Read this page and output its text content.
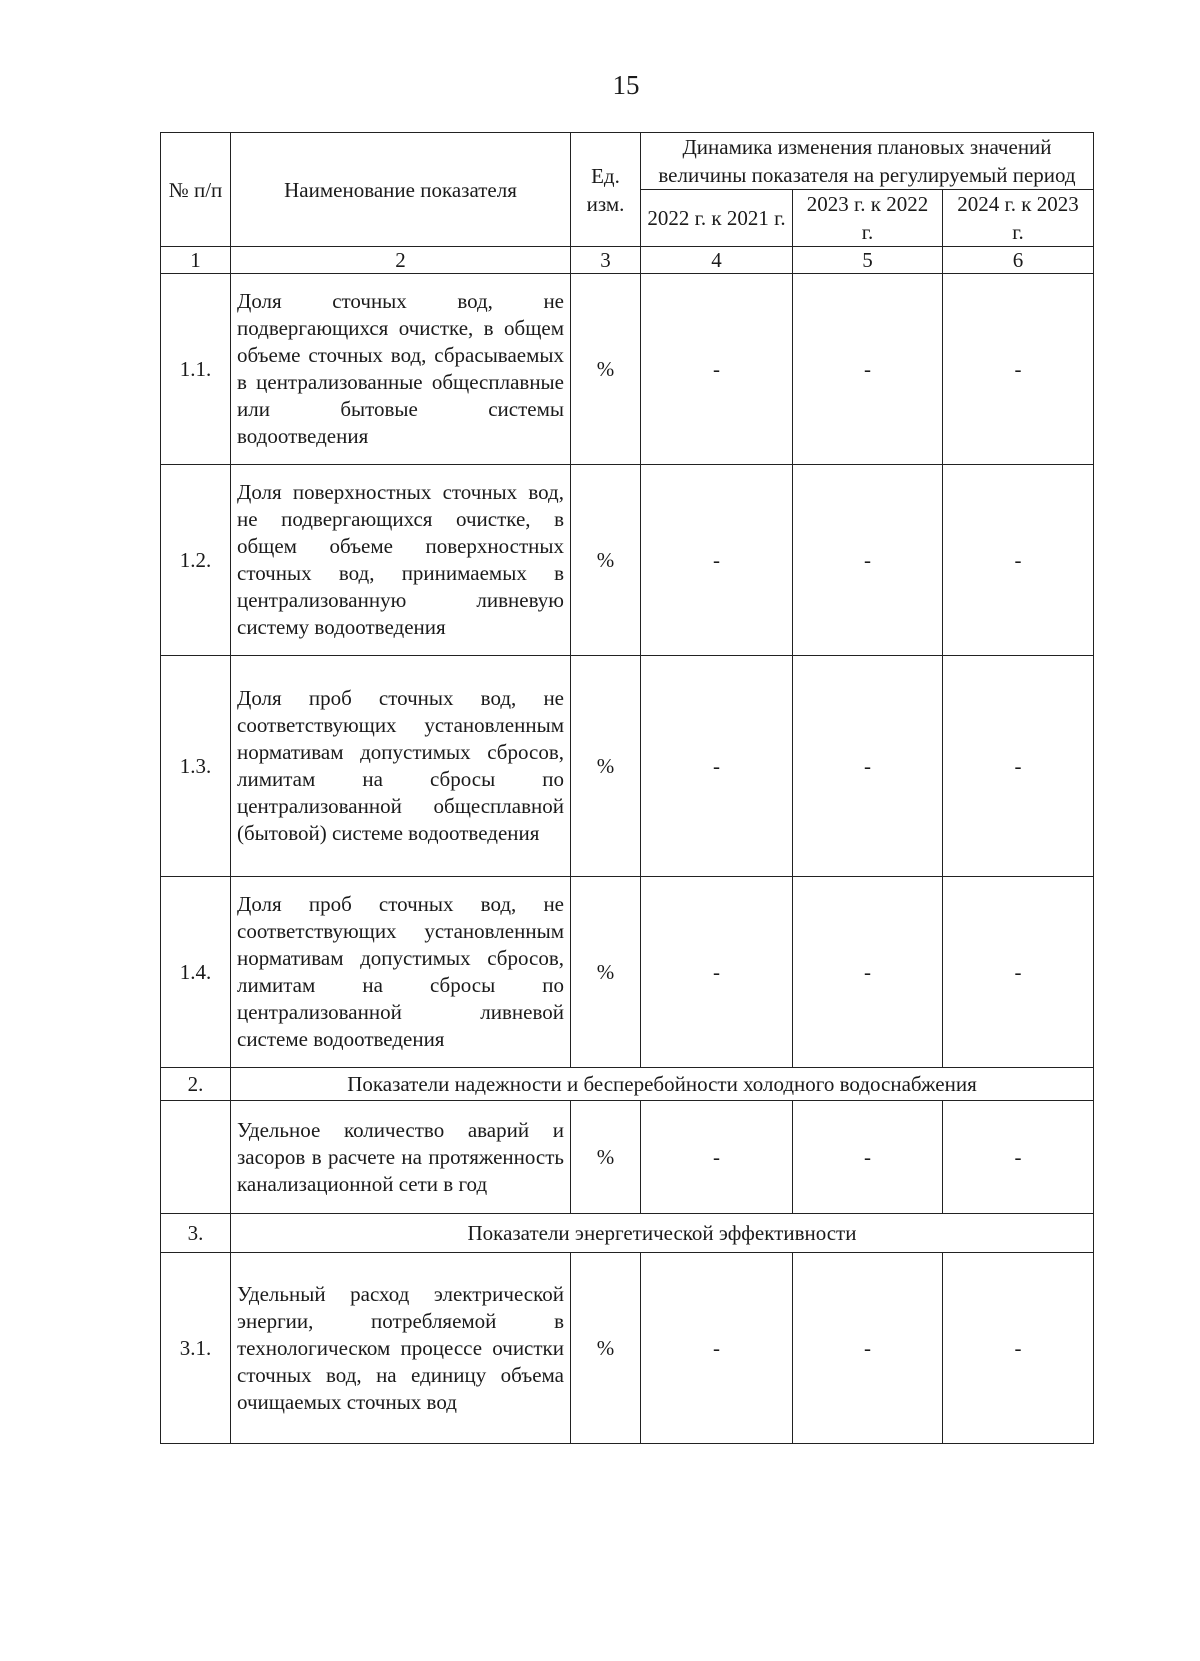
15
№ п/п	Наименование показателя	Ед. изм.	Динамика изменения плановых значений величины показателя на регулируемый период		
			2022 г. к 2021 г.	2023 г. к 2022 г.	2024 г. к 2023 г.
1	2	3	4	5	6
1.1.	Доля сточных вод, не подвергающихся очистке, в общем объеме сточных вод, сбрасываемых в централизованные общесплавные или бытовые системы водоотведения	%	-	-	-
1.2.	Доля поверхностных сточных вод, не подвергающихся очистке, в общем объеме поверхностных сточных вод, принимаемых в централизованную ливневую систему водоотведения	%	-	-	-
1.3.	Доля проб сточных вод, не соответствующих установленным нормативам допустимых сбросов, лимитам на сбросы по централизованной общесплавной (бытовой) системе водоотведения	%	-	-	-
1.4.	Доля проб сточных вод, не соответствующих установленным нормативам допустимых сбросов, лимитам на сбросы по централизованной ливневой системе водоотведения	%	-	-	-
2.	Показатели надежности и бесперебойности холодного водоснабжения				
	Удельное количество аварий и засоров в расчете на протяженность канализационной сети в год	%	-	-	-
3.	Показатели энергетической эффективности				
3.1.	Удельный расход электрической энергии, потребляемой в технологическом процессе очистки сточных вод, на единицу объема очищаемых сточных вод	%	-	-	-
